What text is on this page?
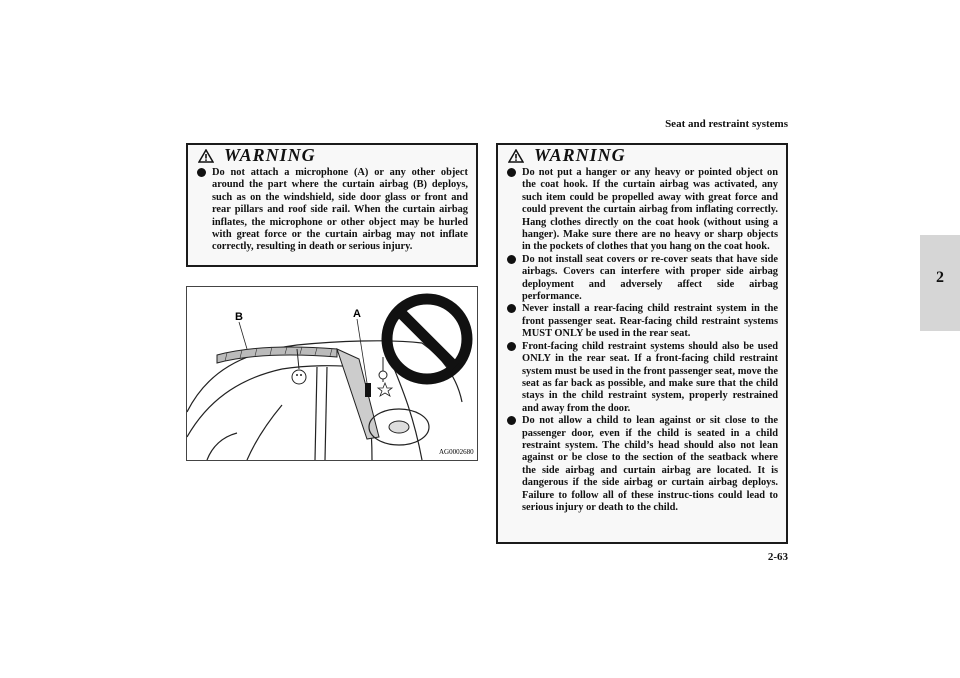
Seat and restraint systems
2
WARNING
Do not attach a microphone (A) or any other object around the part where the curtain airbag (B) deploys, such as on the windshield, side door glass or front and rear pillars and roof side rail. When the curtain airbag inflates, the microphone or other object may be hurled with great force or the curtain airbag may not inflate correctly, resulting in death or serious injury.
B	A
AG0002680
WARNING
Do not put a hanger or any heavy or pointed object on the coat hook. If the curtain airbag was activated, any such item could be propelled away with great force and could prevent the curtain airbag from inflating correctly. Hang clothes directly on the coat hook (without using a hanger). Make sure there are no heavy or sharp objects in the pockets of clothes that you hang on the coat hook.
Do not install seat covers or re-cover seats that have side airbags. Covers can interfere with proper side airbag deployment and adversely affect side airbag performance.
Never install a rear-facing child restraint system in the front passenger seat. Rear-facing child restraint systems MUST ONLY be used in the rear seat.
Front-facing child restraint systems should also be used ONLY in the rear seat. If a front-facing child restraint system must be used in the front passenger seat, move the seat as far back as possible, and make sure that the child stays in the child restraint system, properly restrained and away from the door.
Do not allow a child to lean against or sit close to the passenger door, even if the child is seated in a child restraint system. The child’s head should also not lean against or be close to the section of the seatback where the side airbag and curtain airbag are located. It is dangerous if the side airbag or curtain airbag deploys. Failure to follow all of these instruc-tions could lead to serious injury or death to the child.
2-63
